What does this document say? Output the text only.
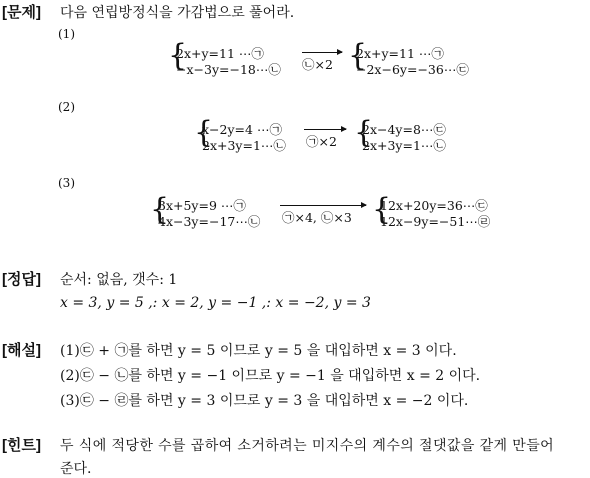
[문제] 다음 연립방정식을 가감법으로 풀어라.
(1)
{
2x+y=11 ⋯㉠
−x−3y=−18⋯㉡ ㉡×2 {
2x+y=11 ⋯㉠
−2x−6y=−36⋯㉢
(2)
{
x−2y=4 ⋯㉠
2x+3y=1⋯㉡ ㉠×2 {
2x−4y=8⋯㉢
2x+3y=1⋯㉡
(3)
{
3x+5y=9 ⋯㉠
4x−3y=−17⋯㉡ ㉠×4, ㉡×3 {
12x+20y=36⋯㉢
12x−9y=−51⋯㉣
[정답] 순서: 없음, 갯수: 1
x = 3, y = 5 ,: x = 2, y = −1 ,: x = −2, y = 3
[해설] (1)㉢ + ㉠를 하면 y = 5 이므로 y = 5 을 대입하면 x = 3 이다.
(2)㉢ − ㉡를 하면 y = −1 이므로 y = −1 을 대입하면 x = 2 이다.
(3)㉢ − ㉣를 하면 y = 3 이므로 y = 3 을 대입하면 x = −2 이다.
[힌트] 두 식에 적당한 수를 곱하여 소거하려는 미지수의 계수의 절댓값을 같게 만들어
준다.
